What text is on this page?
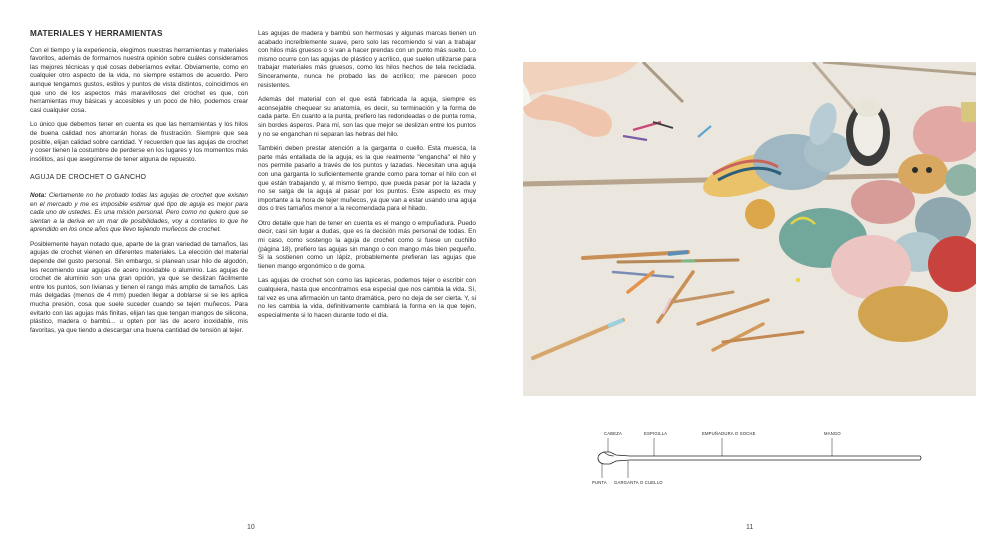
MATERIALES Y HERRAMIENTAS

Con el tiempo y la experiencia, elegimos nuestras herramientas y materiales favoritos, además de formarnos nuestra opinión sobre cuáles consideramos las mejores técnicas y qué cosas deberíamos evitar. Obviamente, como en cualquier otro aspecto de la vida, no siempre estamos de acuerdo. Pero aunque tengamos gustos, estilos y puntos de vista distintos, coincidimos en que uno de los aspectos más maravillosos del crochet es que, con herramientas muy básicas y accesibles y un poco de hilo, podemos crear casi cualquier cosa.

Lo único que debemos tener en cuenta es que las herramientas y los hilos de buena calidad nos ahorrarán horas de frustración. Siempre que sea posible, elijan calidad sobre cantidad. Y recuerden que las agujas de crochet y coser tienen la costumbre de perderse en los lugares y los momentos más insólitos, así que asegúrense de tener alguna de repuesto.

AGUJA DE CROCHET O GANCHO

Nota: Ciertamente no he probado todas las agujas de crochet que existen en el mercado y me es imposible estimar qué tipo de aguja es mejor para cada uno de ustedes. Es una misión personal. Pero como no quiero que se sientan a la deriva en un mar de posibilidades, voy a contarles lo que he aprendido en los once años que llevo tejiendo muñecos de crochet.

Posiblemente hayan notado que, aparte de la gran variedad de tamaños, las agujas de crochet vienen en diferentes materiales. La elección del material depende del gusto personal. Sin embargo, si planean usar hilo de algodón, les recomiendo usar agujas de acero inoxidable o aluminio. Las agujas de crochet de aluminio son una gran opción, ya que se deslizan fácilmente entre los puntos, son livianas y tienen el rango más amplio de tamaños. Las más delgadas (menos de 4 mm) pueden llegar a doblarse si se les aplica mucha presión, cosa que suele suceder cuando se tejen muñecos. Para evitarlo con las agujas más finitas, elijan las que tengan mangos de silicona, plástico, madera o bambú... u opten por las de acero inoxidable, mis favoritas, ya que tiendo a descargar una buena cantidad de tensión al tejer.

Las agujas de madera y bambú son hermosas y algunas marcas tienen un acabado increíblemente suave, pero solo las recomiendo si van a trabajar con hilos más gruesos o si van a hacer prendas con un punto más suelto. Lo mismo ocurre con las agujas de plástico y acrílico, que suelen utilizarse para trabajar materiales más gruesos, como los hilos hechos de tela reciclada. Sinceramente, nunca he probado las de acrílico; me parecen poco resistentes.

Además del material con el que está fabricada la aguja, siempre es aconsejable chequear su anatomía, es decir, su terminación y la forma de cada parte. En cuanto a la punta, prefiero las redondeadas o de punta roma, sin bordes ásperos. Para mí, son las que mejor se deslizan entre los puntos y no se enganchan ni separan las hebras del hilo.

También deben prestar atención a la garganta o cuello. Esta muesca, la parte más entallada de la aguja, es la que realmente "engancha" el hilo y nos permite pasarlo a través de los puntos y lazadas. Necesitan una aguja con una garganta lo suficientemente grande como para tomar el hilo con el que están trabajando y, al mismo tiempo, que pueda pasar por la lazada y no se salga de la aguja al pasar por los puntos. Este aspecto es muy importante a la hora de tejer muñecos, ya que van a estar usando una aguja dos o tres tamaños menor a la recomendada para el hilado.

Otro detalle que han de tener en cuenta es el mango o empuñadura. Puedo decir, casi sin lugar a dudas, que es la decisión más personal de todas. En mi caso, como sostengo la aguja de crochet como si fuese un cuchillo (página 18), prefiero las agujas sin mango o con mango más bien pequeño. Si la sostienen como un lápiz, probablemente prefieran las agujas que tienen mango ergonómico o de goma.

Las agujas de crochet son como las lapiceras, podemos tejer o escribir con cualquiera, hasta que encontramos esa especial que nos cambia la vida. Sí, tal vez es una afirmación un tanto dramática, pero no deja de ser cierta. Y, si no les cambia la vida, definitivamente cambiará la forma en la que tejen, especialmente si lo hacen durante todo el día.

10	11
CABEZA	ESPIGILLA	EMPUÑADURA O SOCHE	MANGO
PUNTA GARGANTA O CUELLO
